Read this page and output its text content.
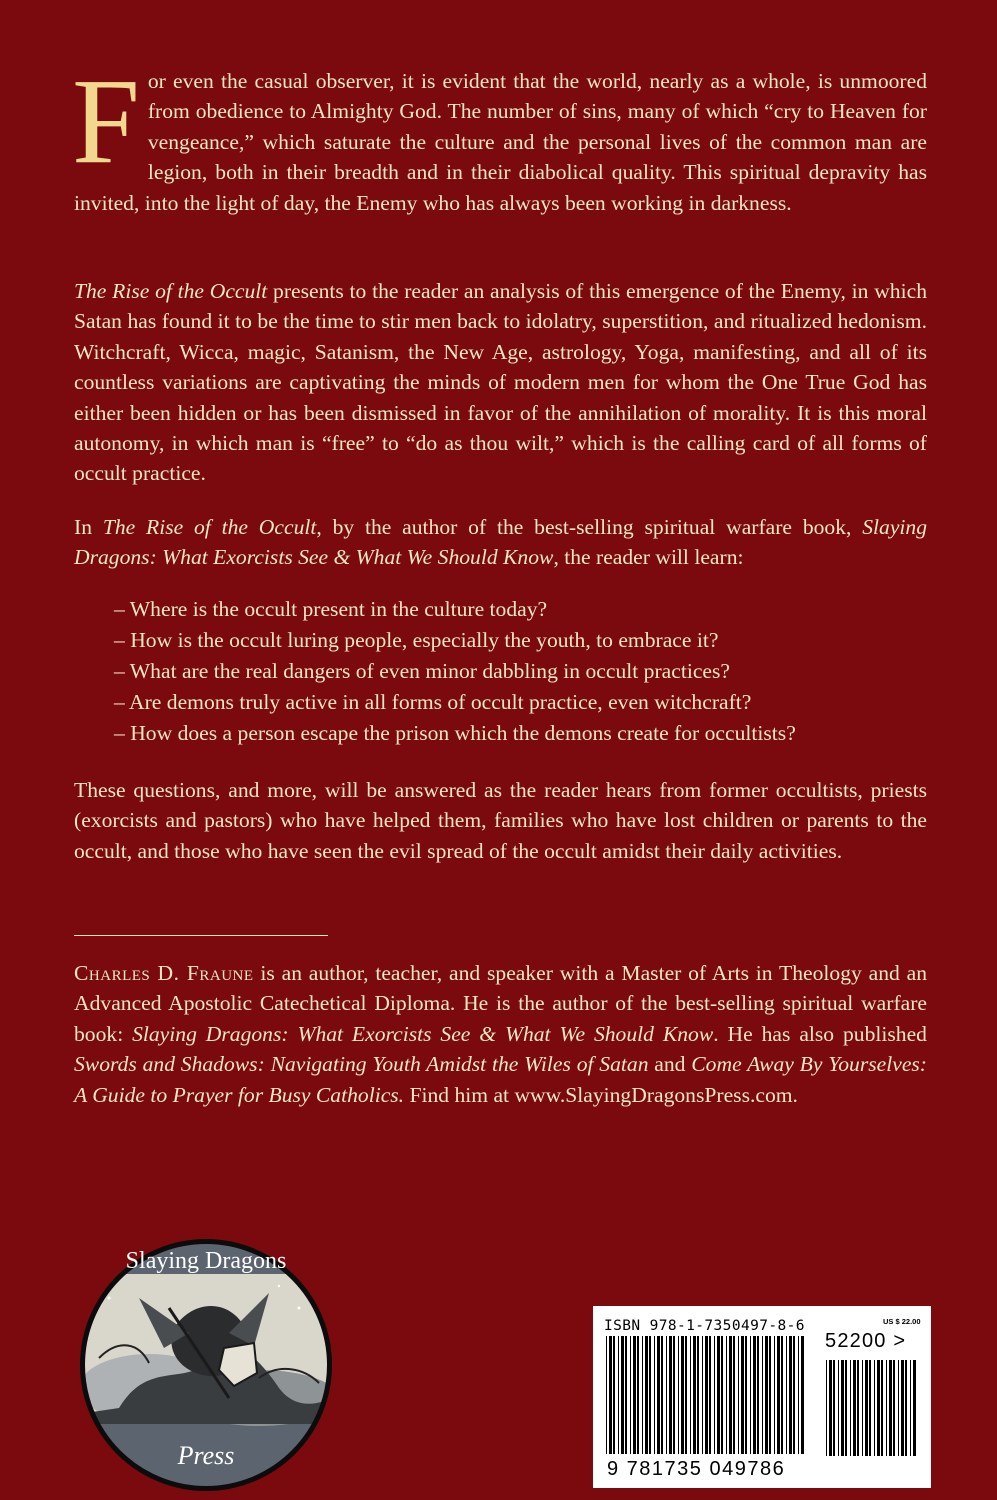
For even the casual observer, it is evident that the world, nearly as a whole, is unmoored from obedience to Almighty God. The number of sins, many of which “cry to Heaven for vengeance,” which saturate the culture and the personal lives of the common man are legion, both in their breadth and in their diabolical quality. This spiritual depravity has invited, into the light of day, the Enemy who has always been working in darkness.
The Rise of the Occult presents to the reader an analysis of this emergence of the Enemy, in which Satan has found it to be the time to stir men back to idolatry, superstition, and ritualized hedonism. Witchcraft, Wicca, magic, Satanism, the New Age, astrology, Yoga, manifesting, and all of its countless variations are captivating the minds of modern men for whom the One True God has either been hidden or has been dismissed in favor of the annihilation of morality. It is this moral autonomy, in which man is “free” to “do as thou wilt,” which is the calling card of all forms of occult practice.
In The Rise of the Occult, by the author of the best-selling spiritual warfare book, Slaying Dragons: What Exorcists See & What We Should Know, the reader will learn:
– Where is the occult present in the culture today?
– How is the occult luring people, especially the youth, to embrace it?
– What are the real dangers of even minor dabbling in occult practices?
– Are demons truly active in all forms of occult practice, even witchcraft?
– How does a person escape the prison which the demons create for occultists?
These questions, and more, will be answered as the reader hears from former occultists, priests (exorcists and pastors) who have helped them, families who have lost children or parents to the occult, and those who have seen the evil spread of the occult amidst their daily activities.
Charles D. Fraune is an author, teacher, and speaker with a Master of Arts in Theology and an Advanced Apostolic Catechetical Diploma. He is the author of the best-selling spiritual warfare book: Slaying Dragons: What Exorcists See & What We Should Know. He has also published Swords and Shadows: Navigating Youth Amidst the Wiles of Satan and Come Away By Yourselves: A Guide to Prayer for Busy Catholics. Find him at www.SlayingDragonsPress.com.
Slaying Dragons
Press
ISBN 978-1-7350497-8-6	US $ 22.00
52200 >
9 781735 049786
